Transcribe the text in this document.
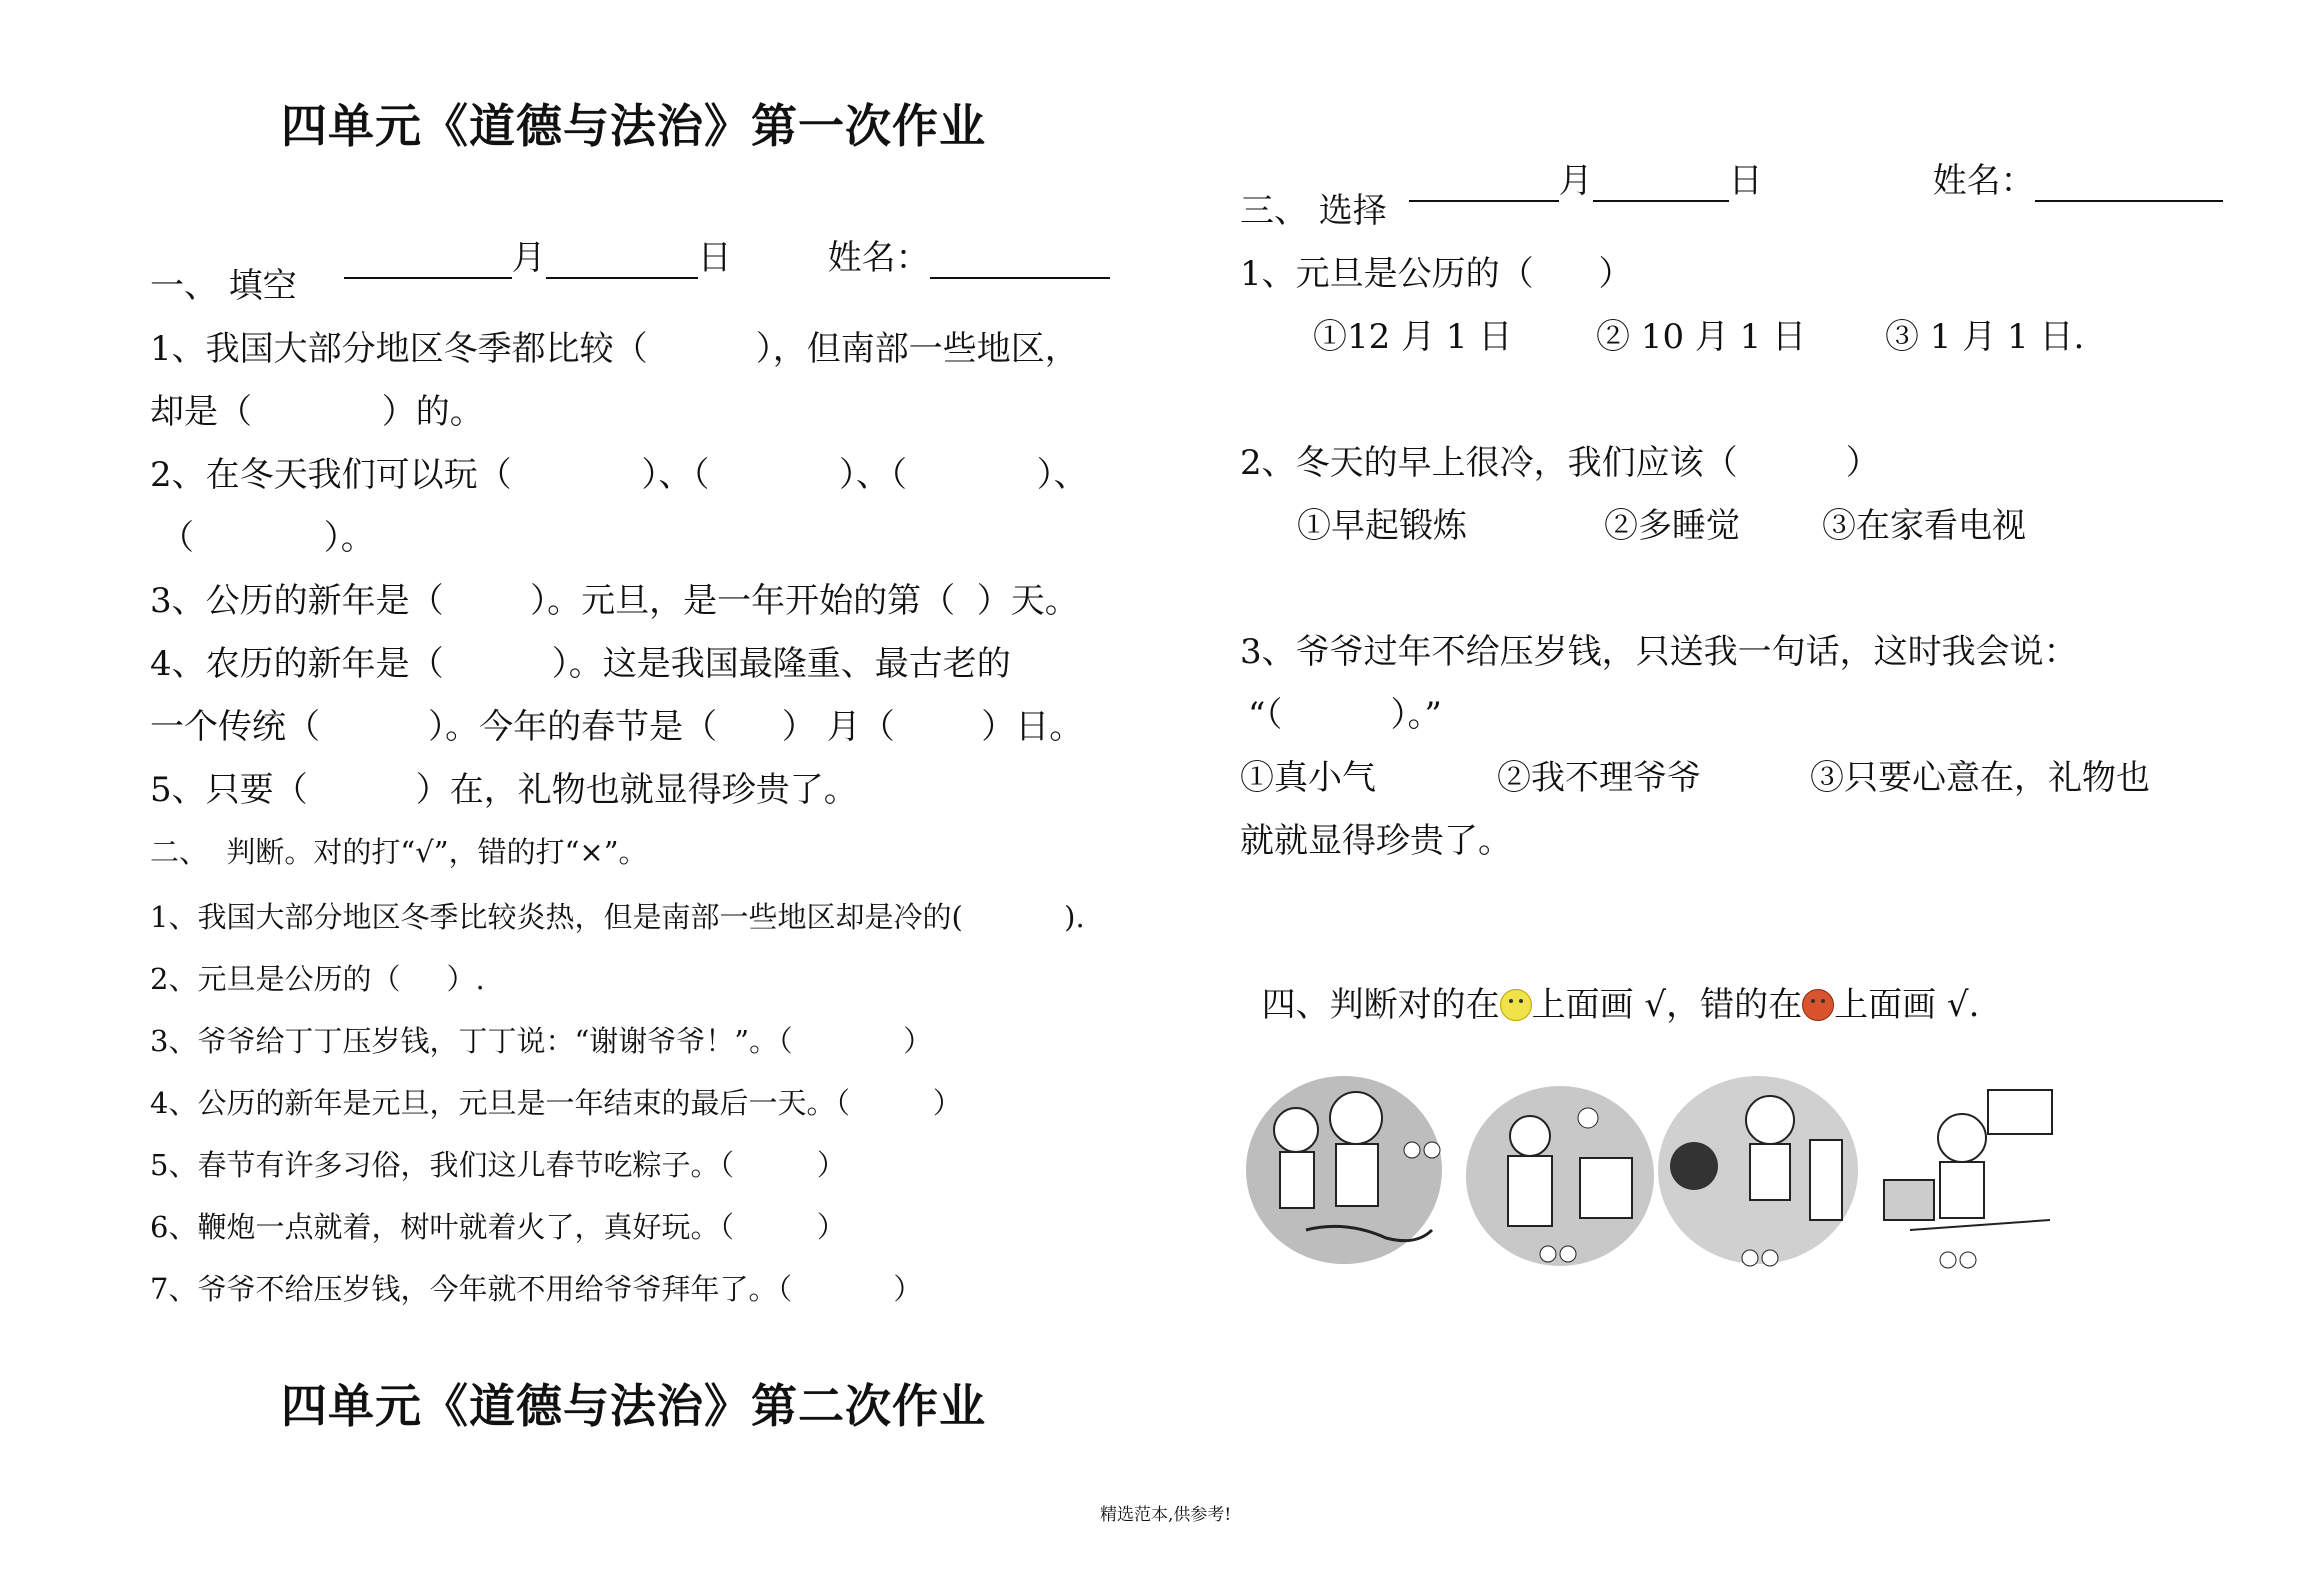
四单元《道德与法治》第一次作业

月	日	姓名：

一、 填空
1、我国大部分地区冬季都比较（          ），但南部一些地区，
却是（            ）的。
2、在冬天我们可以玩（            ）、（            ）、（            ）、
（            ）。
3、公历的新年是（        ）。元旦，是一年开始的第（  ）天。
4、农历的新年是（          ）。这是我国最隆重、最古老的
一个传统（          ）。今年的春节是（      ） 月（        ）日。
5、只要（          ）在，礼物也就显得珍贵了。
二、  判断。对的打“√”，错的打“×”。
1、我国大部分地区冬季比较炎热，但是南部一些地区却是冷的(           ).
2、元旦是公历的（     ）.
3、爷爷给丁丁压岁钱，丁丁说：“谢谢爷爷！”。（            ）
4、公历的新年是元旦，元旦是一年结束的最后一天。（         ）
5、春节有许多习俗，我们这儿春节吃粽子。（         ）
6、鞭炮一点就着，树叶就着火了，真好玩。（         ）
7、爷爷不给压岁钱，今年就不用给爷爷拜年了。（           ）
四单元《道德与法治》第二次作业

月	日	姓名：

三、 选择
1、元旦是公历的（      ）
①12 月 1 日 ② 10 月 1 日 ③ 1 月 1 日.
2、冬天的早上很冷，我们应该（          ）
①早起锻炼	②多睡觉 ③在家看电视
3、爷爷过年不给压岁钱，只送我一句话，这时我会说：
“（          ）。”
①真小气	②我不理爷爷	③只要心意在，礼物也
就就显得珍贵了。

四、判断对的在 上面画 √，错的在 上面画 √.

精选范本,供参考!
